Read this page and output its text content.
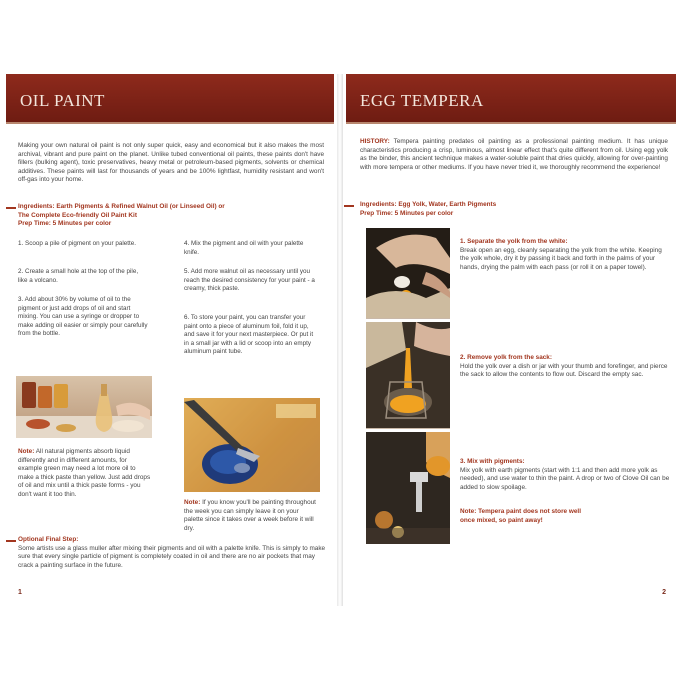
OIL PAINT

Making your own natural oil paint is not only super quick, easy and economical but it also makes the most archival, vibrant and pure paint on the planet. Unlike tubed conventional oil paints, these paints don't have fillers (bulking agent), toxic preservatives, heavy metal or petroleum-based pigments, solvents or chemical additives. These paints will last for thousands of years and be 100% lightfast, humidity resistant and won't off-gas into your home.

Ingredients: Earth Pigments & Refined Walnut Oil (or Linseed Oil) or
The Complete Eco-friendly Oil Paint Kit
Prep Time: 5 Minutes per color

1. Scoop a pile of pigment on your palette.

2. Create a small hole at the top of the pile, like a volcano.

3. Add about 30% by volume of oil to the pigment or just add drops of oil and start mixing. You can use a syringe or dropper to make adding oil easier or simply pour carefully from the bottle.

4. Mix the pigment and oil with your palette knife.

5. Add more walnut oil as necessary until you reach the desired consistency for your paint - a creamy, thick paste.

6. To store your paint, you can transfer your paint onto a piece of aluminum foil, fold it up, and save it for your next masterpiece. Or put it in a small jar with a lid or scoop into an empty aluminum paint tube.

Note: All natural pigments absorb liquid differently and in different amounts, for example green may need a lot more oil to make a thick paste than yellow. Just add drops of oil and mix until a thick paste forms - you don't want it too thin.

Note: If you know you'll be painting throughout the week you can simply leave it on your palette since it takes over a week before it will dry.

Optional Final Step:
Some artists use a glass muller after mixing their pigments and oil with a palette knife. This is simply to make sure that every single particle of pigment is completely coated in oil and there are no air pockets that may crack a painting surface in the future.

1
EGG TEMPERA

HISTORY: Tempera painting predates oil painting as a professional painting medium. It has unique characteristics producing a crisp, luminous, almost linear effect that's quite different from oil. Using egg yolk as the binder, this ancient technique makes a water-soluble paint that dries quickly, allowing for over-painting with more tempera or other mediums. If you have never tried it, we thoroughly recommend the experience!

Ingredients: Egg Yolk, Water, Earth Pigments
Prep Time: 5 Minutes per color

1. Separate the yolk from the white:
Break open an egg, cleanly separating the yolk from the white. Keeping the yolk whole, dry it by passing it back and forth in the palms of your hands, drying the palm with each pass (or roll it on a paper towel).

2. Remove yolk from the sack:
Hold the yolk over a dish or jar with your thumb and forefinger, and pierce the sack to allow the contents to flow out. Discard the empty sac.

3. Mix with pigments:
Mix yolk with earth pigments (start with 1:1 and then add more yolk as needed), and use water to thin the paint. A drop or two of Clove Oil can be added to slow spoilage.

Note: Tempera paint does not store well once mixed, so paint away!

2
